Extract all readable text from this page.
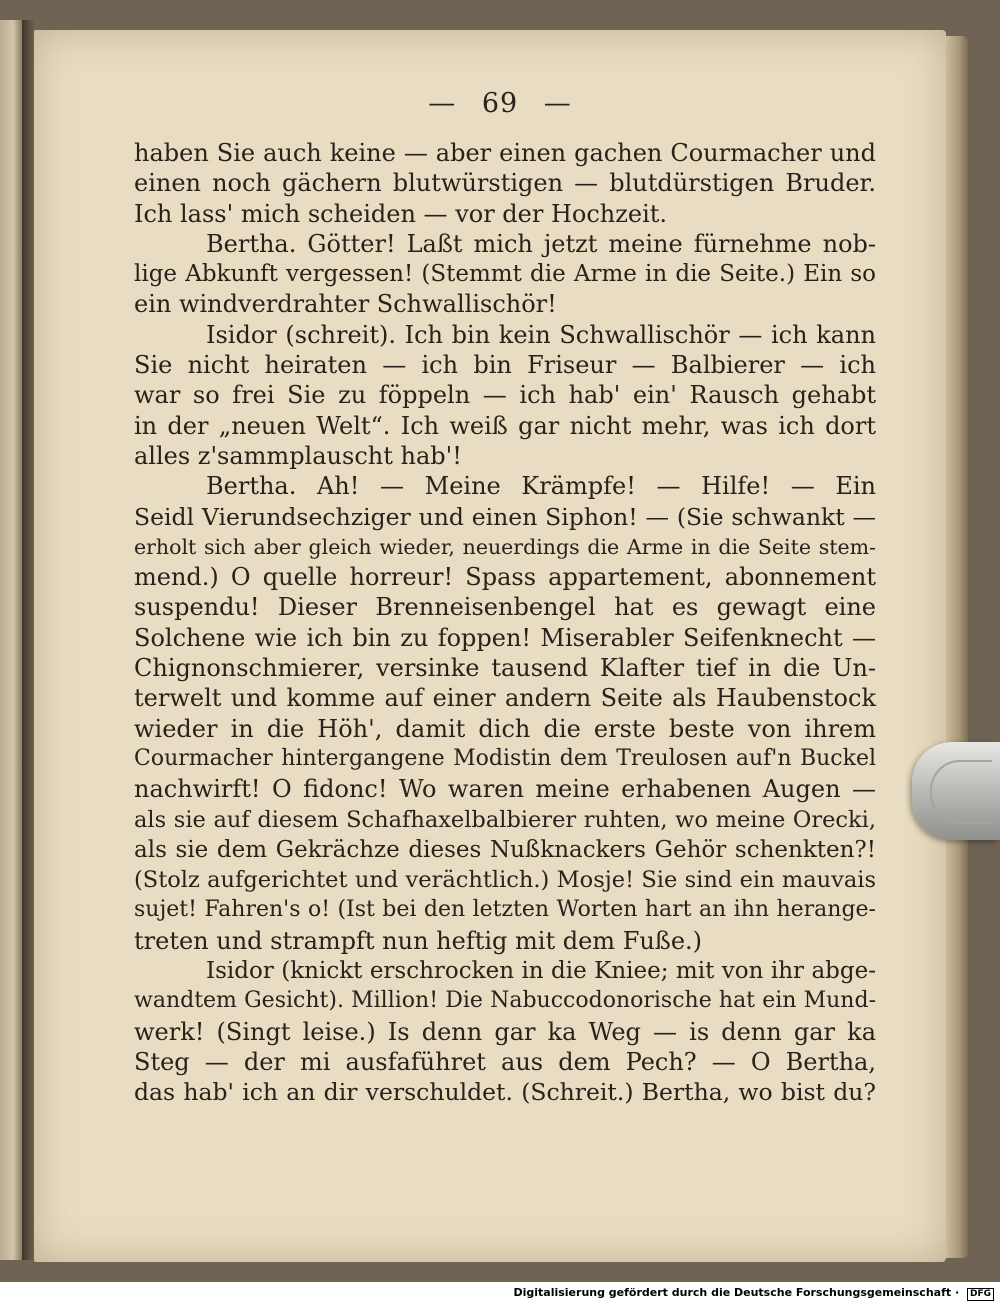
— 69 —
haben Sie auch keine — aber einen gachen Courmacher und
einen noch gächern blutwürstigen — blutdürstigen Bruder.
Ich lass' mich scheiden — vor der Hochzeit.
Bertha. Götter! Laßt mich jetzt meine fürnehme nob-
lige Abkunft vergessen! (Stemmt die Arme in die Seite.) Ein so
ein windverdrahter Schwallischör!
Isidor (schreit). Ich bin kein Schwallischör — ich kann
Sie nicht heiraten — ich bin Friseur — Balbierer — ich
war so frei Sie zu föppeln — ich hab' ein' Rausch gehabt
in der „neuen Welt“. Ich weiß gar nicht mehr, was ich dort
alles z'sammplauscht hab'!
Bertha. Ah! — Meine Krämpfe! — Hilfe! — Ein
Seidl Vierundsechziger und einen Siphon! — (Sie schwankt —
erholt sich aber gleich wieder, neuerdings die Arme in die Seite stem-
mend.) O quelle horreur! Spass appartement, abonnement
suspendu! Dieser Brenneisenbengel hat es gewagt eine
Solchene wie ich bin zu foppen! Miserabler Seifenknecht —
Chignonschmierer, versinke tausend Klafter tief in die Un-
terwelt und komme auf einer andern Seite als Haubenstock
wieder in die Höh', damit dich die erste beste von ihrem
Courmacher hintergangene Modistin dem Treulosen auf'n Buckel
nachwirft! O fidonc! Wo waren meine erhabenen Augen —
als sie auf diesem Schafhaxelbalbierer ruhten, wo meine Orecki,
als sie dem Gekrächze dieses Nußknackers Gehör schenkten?!
(Stolz aufgerichtet und verächtlich.) Mosje! Sie sind ein mauvais
sujet! Fahren's o! (Ist bei den letzten Worten hart an ihn herange-
treten und strampft nun heftig mit dem Fuße.)
Isidor (knickt erschrocken in die Kniee; mit von ihr abge-
wandtem Gesicht). Million! Die Nabuccodonorische hat ein Mund-
werk! (Singt leise.) Is denn gar ka Weg — is denn gar ka
Steg — der mi ausfaführet aus dem Pech? — O Bertha,
das hab' ich an dir verschuldet. (Schreit.) Bertha, wo bist du?
Digitalisierung gefördert durch die Deutsche Forschungsgemeinschaft · DFG
